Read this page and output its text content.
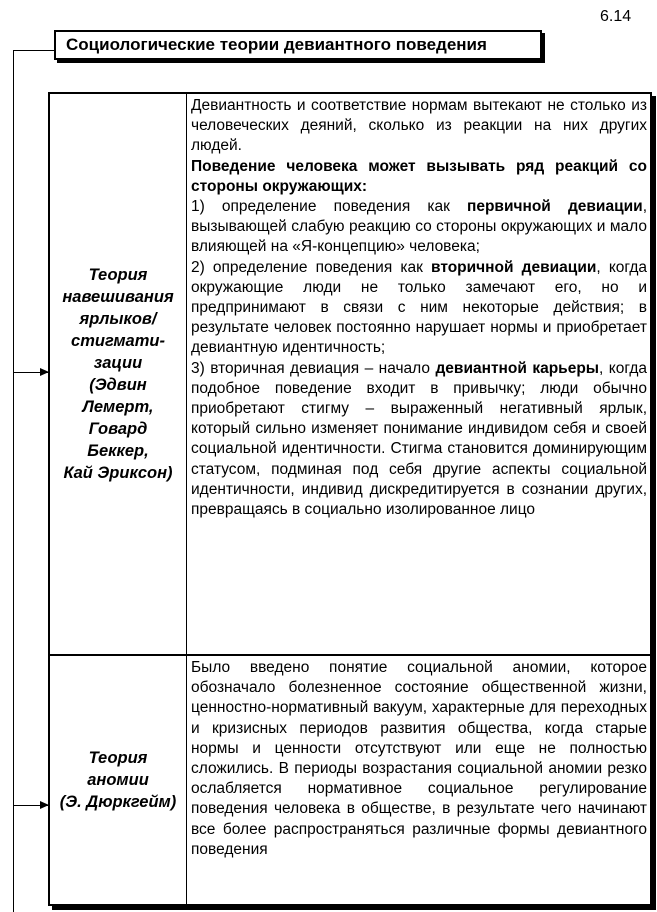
6.14
Социологические теории девиантного поведения
Теория
навешивания
ярлыков/
стигмати-
зации
(Эдвин
Лемерт,
Говард
Беккер,
Кай Эриксон)

Девиантность и соответствие нормам вытекают не столько из человеческих деяний, сколько из реакции на них других людей.

Поведение человека может вызывать ряд реакций со стороны окружающих:

1) определение поведения как первичной девиации, вызывающей слабую реакцию со стороны окружающих и мало влияющей на «Я-концепцию» человека;

2) определение поведения как вторичной девиации, когда окружающие люди не только замечают его, но и предпринимают в связи с ним некоторые действия; в результате человек постоянно нарушает нормы и приобретает девиантную идентичность;

3) вторичная девиация – начало девиантной карьеры, когда подобное поведение входит в привычку; люди обычно приобретают стигму – выраженный негативный ярлык, который сильно изменяет понимание индивидом себя и своей социальной идентичности. Стигма становится доминирующим статусом, подминая под себя другие аспекты социальной идентичности, индивид дискредитируется в сознании других, превращаясь в социально изолированное лицо

Теория
аномии
(Э. Дюркгейм)

Было введено понятие социальной аномии, которое обозначало болезненное состояние общественной жизни, ценностно-нормативный вакуум, характерные для переходных и кризисных периодов развития общества, когда старые нормы и ценности отсутствуют или еще не полностью сложились. В периоды возрастания социальной аномии резко ослабляется нормативное социальное регулирование поведения человека в обществе, в результате чего начинают все более распространяться различные формы девиантного поведения
